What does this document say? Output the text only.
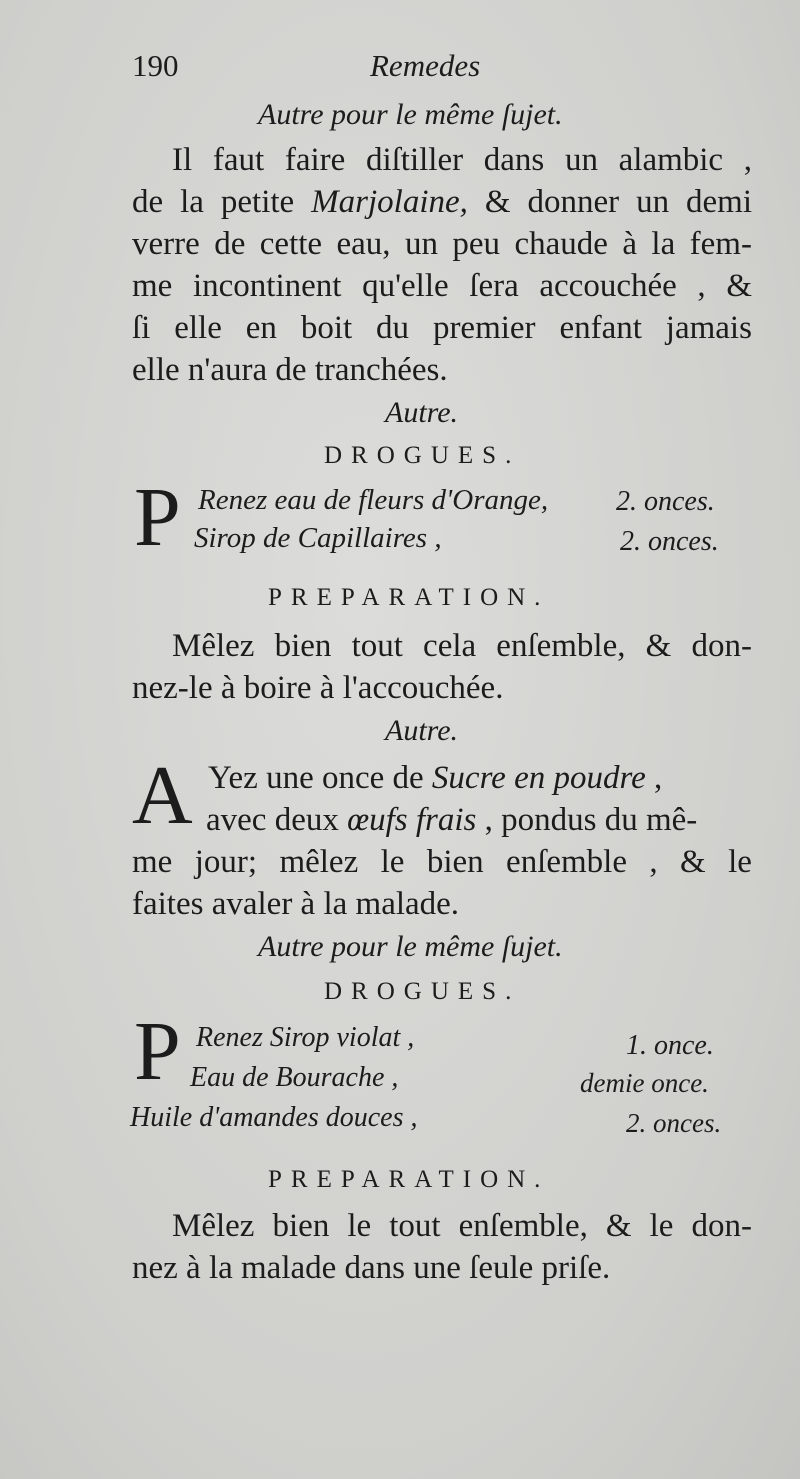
190	Remedes
Autre pour le même ſujet.
Il faut faire diſtiller dans un alambic ,
de la petite Marjolaine, & donner un demi
verre de cette eau, un peu chaude à la fem-
me incontinent qu'elle ſera accouchée , &
ſi elle en boit du premier enfant jamais
elle n'aura de tranchées.
Autre.
DROGUES.
P Renez eau de fleurs d'Orange, 2. onces.
Sirop de Capillaires ,	2. onces.
PREPARATION.
Mêlez bien tout cela enſemble, & don-
nez-le à boire à l'accouchée.
Autre.
A Yez une once de Sucre en poudre ,
avec deux œufs frais , pondus du mê-
me jour; mêlez le bien enſemble , & le
faites avaler à la malade.
Autre pour le même ſujet.
DROGUES.
P Renez Sirop violat ,	1. once.
Eau de Bourache ,	demie once.
Huile d'amandes douces ,	2. onces.
PREPARATION.
Mêlez bien le tout enſemble, & le don-
nez à la malade dans une ſeule priſe.
